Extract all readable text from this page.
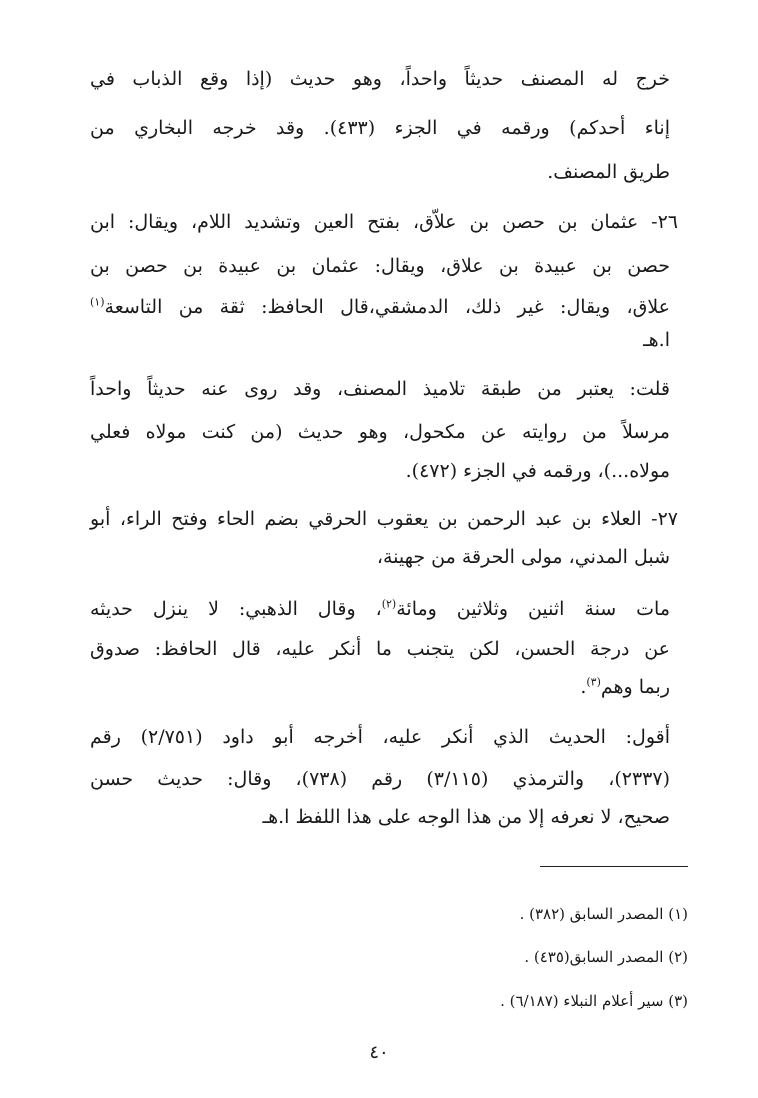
خرج له المصنف حديثاً واحداً، وهو حديث (إذا وقع الذباب في
إناء أحدكم) ورقمه في الجزء (٤٣٣). وقد خرجه البخاري من
طريق المصنف.
٢٦- عثمان بن حصن بن علاّق، بفتح العين وتشديد اللام، ويقال: ابن
حصن بن عبيدة بن علاق، ويقال: عثمان بن عبيدة بن حصن بن
علاق، ويقال: غير ذلك، الدمشقي،قال الحافظ: ثقة من التاسعة$^{(١)}$
ا.هـ
قلت: يعتبر من طبقة تلاميذ المصنف، وقد روى عنه حديثاً واحداً
مرسلاً من روايته عن مكحول، وهو حديث (من كنت مولاه فعلي
مولاه...)، ورقمه في الجزء (٤٧٢).
٢٧- العلاء بن عبد الرحمن بن يعقوب الحرقي بضم الحاء وفتح الراء، أبو
شبل المدني، مولى الحرقة من جهينة،
مات سنة اثنين وثلاثين ومائة$^{(٢)}$، وقال الذهبي: لا ينزل حديثه
عن درجة الحسن، لكن يتجنب ما أنكر عليه، قال الحافظ: صدوق
ربما وهم$^{(٣)}$.
أقول: الحديث الذي أنكر عليه، أخرجه أبو داود (٢/٧٥١) رقم
(٢٣٣٧)، والترمذي (٣/١١٥) رقم (٧٣٨)، وقال: حديث حسن
صحيح، لا نعرفه إلا من هذا الوجه على هذا اللفظ ا.هـ
(١) المصدر السابق (٣٨٢) .
(٢) المصدر السابق(٤٣٥) .
(٣) سير أعلام النبلاء (٦/١٨٧) .
٤٠
